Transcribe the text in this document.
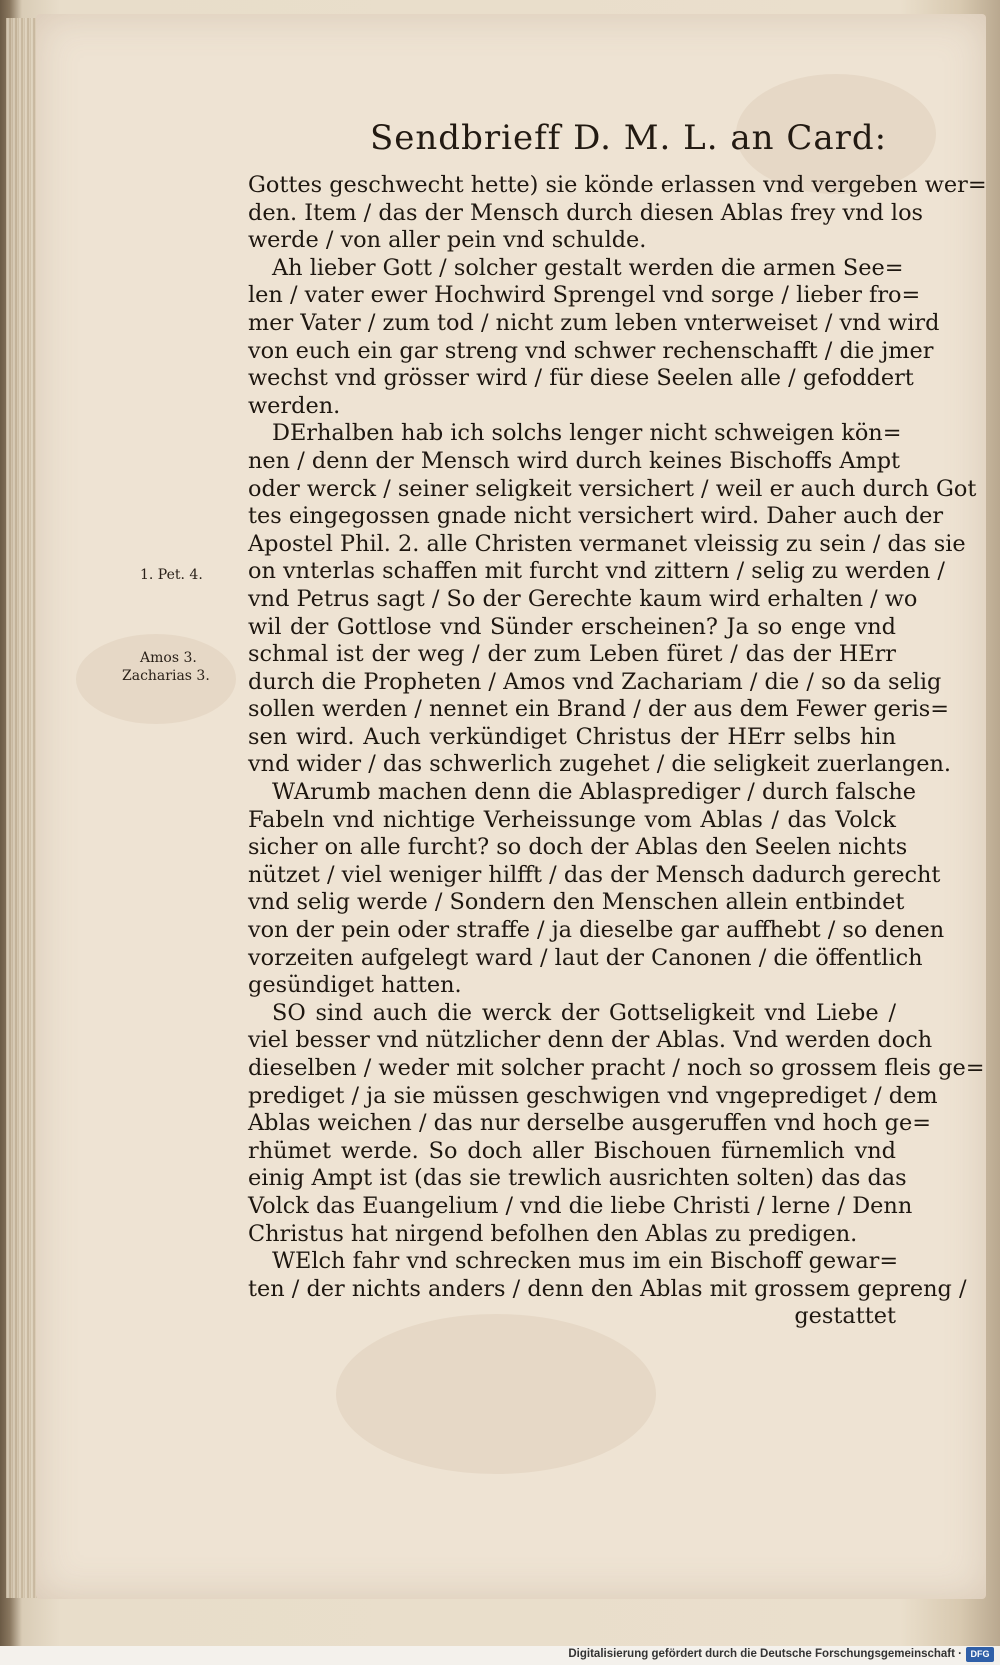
Sendbrieff D. M. L. an Card:
Gottes geschwecht hette) sie könde erlassen vnd vergeben wer=
den. Item / das der Mensch durch diesen Ablas frey vnd los
werde / von aller pein vnd schulde.
Ah lieber Gott / solcher gestalt werden die armen See=
len / vater ewer Hochwird Sprengel vnd sorge / lieber fro=
mer Vater / zum tod / nicht zum leben vnterweiset / vnd wird
von euch ein gar streng vnd schwer rechenschafft / die jmer
wechst vnd grösser wird / für diese Seelen alle / gefoddert
werden.
DErhalben hab ich solchs lenger nicht schweigen kön=
nen / denn der Mensch wird durch keines Bischoffs Ampt
oder werck / seiner seligkeit versichert / weil er auch durch Got
tes eingegossen gnade nicht versichert wird. Daher auch der
Apostel Phil. 2. alle Christen vermanet vleissig zu sein / das sie
on vnterlas schaffen mit furcht vnd zittern / selig zu werden /
vnd Petrus sagt / So der Gerechte kaum wird erhalten / wo
wil der Gottlose vnd Sünder erscheinen? Ja so enge vnd
schmal ist der weg / der zum Leben füret / das der HErr
durch die Propheten / Amos vnd Zachariam / die / so da selig
sollen werden / nennet ein Brand / der aus dem Fewer geris=
sen wird. Auch verkündiget Christus der HErr selbs hin
vnd wider / das schwerlich zugehet / die seligkeit zuerlangen.
WArumb machen denn die Ablasprediger / durch falsche
Fabeln vnd nichtige Verheissunge vom Ablas / das Volck
sicher on alle furcht? so doch der Ablas den Seelen nichts
nützet / viel weniger hilfft / das der Mensch dadurch gerecht
vnd selig werde / Sondern den Menschen allein entbindet
von der pein oder straffe / ja dieselbe gar auffhebt / so denen
vorzeiten aufgelegt ward / laut der Canonen / die öffentlich
gesündiget hatten.
SO sind auch die werck der Gottseligkeit vnd Liebe /
viel besser vnd nützlicher denn der Ablas. Vnd werden doch
dieselben / weder mit solcher pracht / noch so grossem fleis ge=
prediget / ja sie müssen geschwigen vnd vngeprediget / dem
Ablas weichen / das nur derselbe ausgeruffen vnd hoch ge=
rhümet werde. So doch aller Bischouen fürnemlich vnd
einig Ampt ist (das sie trewlich ausrichten solten) das das
Volck das Euangelium / vnd die liebe Christi / lerne / Denn
Christus hat nirgend befolhen den Ablas zu predigen.
WElch fahr vnd schrecken mus im ein Bischoff gewar=
ten / der nichts anders / denn den Ablas mit grossem gepreng /
gestattet
1. Pet. 4.
Amos 3.
Zacharias 3.
Digitalisierung gefördert durch die Deutsche Forschungsgemeinschaft · DFG
